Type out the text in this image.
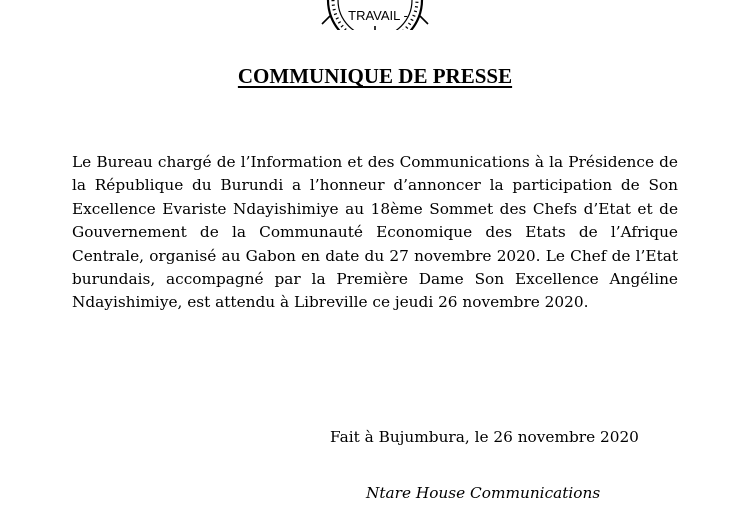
TRAVAIL -
COMMUNIQUE DE PRESSE

Le Bureau chargé de l’Information et des Communications à la Présidence de la République du Burundi a l’honneur d’annoncer la participation de Son Excellence Evariste Ndayishimiye au 18ème Sommet des Chefs d’Etat et de Gouvernement de la Communauté Economique des Etats de l’Afrique Centrale, organisé au Gabon en date du 27 novembre 2020. Le Chef de l’Etat burundais, accompagné par la Première Dame Son Excellence Angéline Ndayishimiye, est attendu à Libreville ce jeudi 26 novembre 2020.

Fait à Bujumbura, le 26 novembre 2020

Ntare House Communications
